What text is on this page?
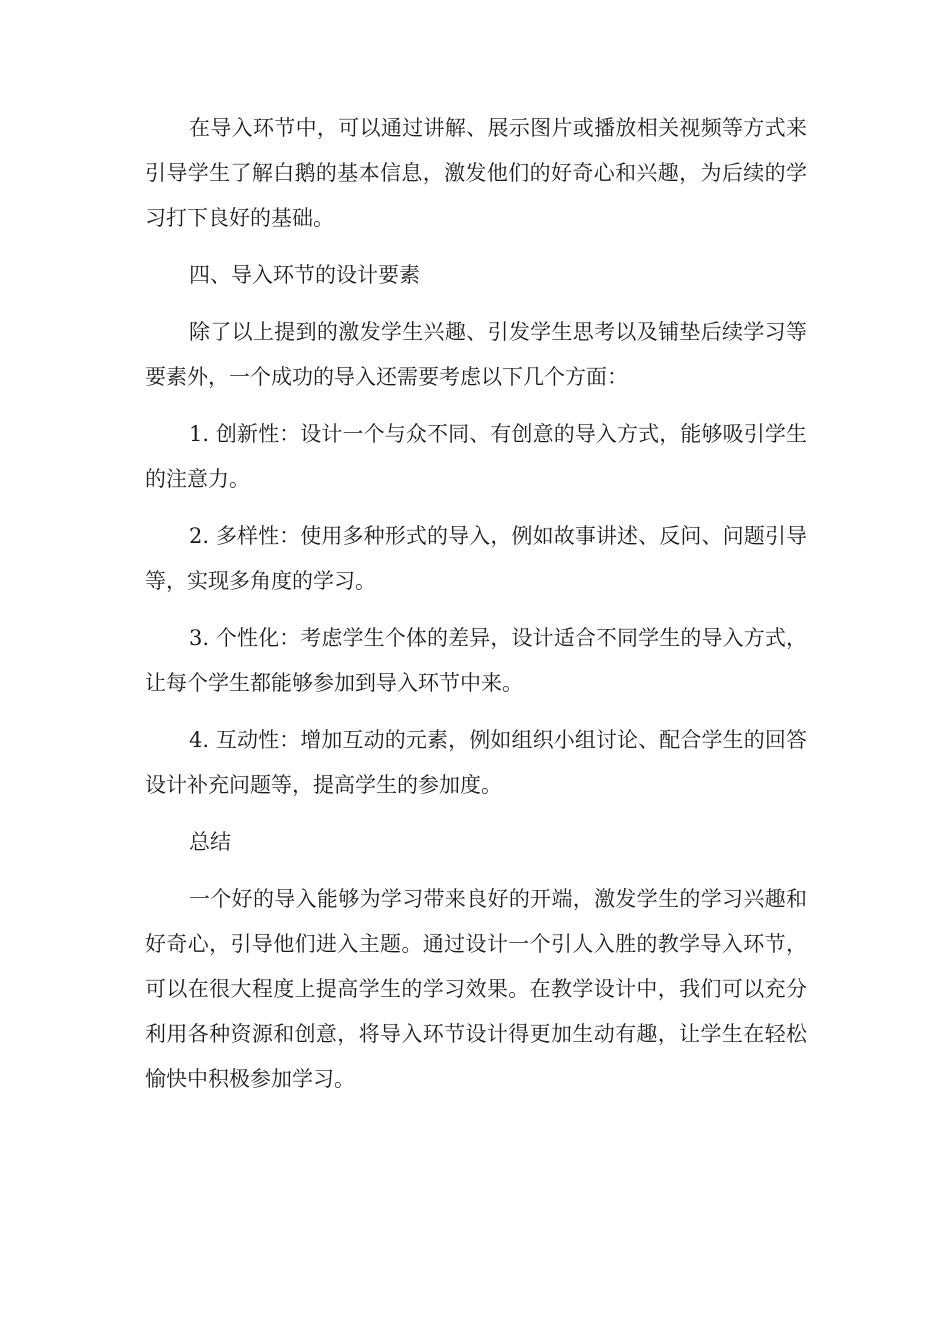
在导入环节中，可以通过讲解、展示图片或播放相关视频等方式来引导学生了解白鹅的基本信息，激发他们的好奇心和兴趣，为后续的学习打下良好的基础。

四、导入环节的设计要素

除了以上提到的激发学生兴趣、引发学生思考以及铺垫后续学习等要素外，一个成功的导入还需要考虑以下几个方面：

1. 创新性：设计一个与众不同、有创意的导入方式，能够吸引学生的注意力。

2. 多样性：使用多种形式的导入，例如故事讲述、反问、问题引导等，实现多角度的学习。

3. 个性化：考虑学生个体的差异，设计适合不同学生的导入方式，让每个学生都能够参加到导入环节中来。

4. 互动性：增加互动的元素，例如组织小组讨论、配合学生的回答设计补充问题等，提高学生的参加度。

总结

一个好的导入能够为学习带来良好的开端，激发学生的学习兴趣和好奇心，引导他们进入主题。通过设计一个引人入胜的教学导入环节，可以在很大程度上提高学生的学习效果。在教学设计中，我们可以充分利用各种资源和创意，将导入环节设计得更加生动有趣，让学生在轻松愉快中积极参加学习。
